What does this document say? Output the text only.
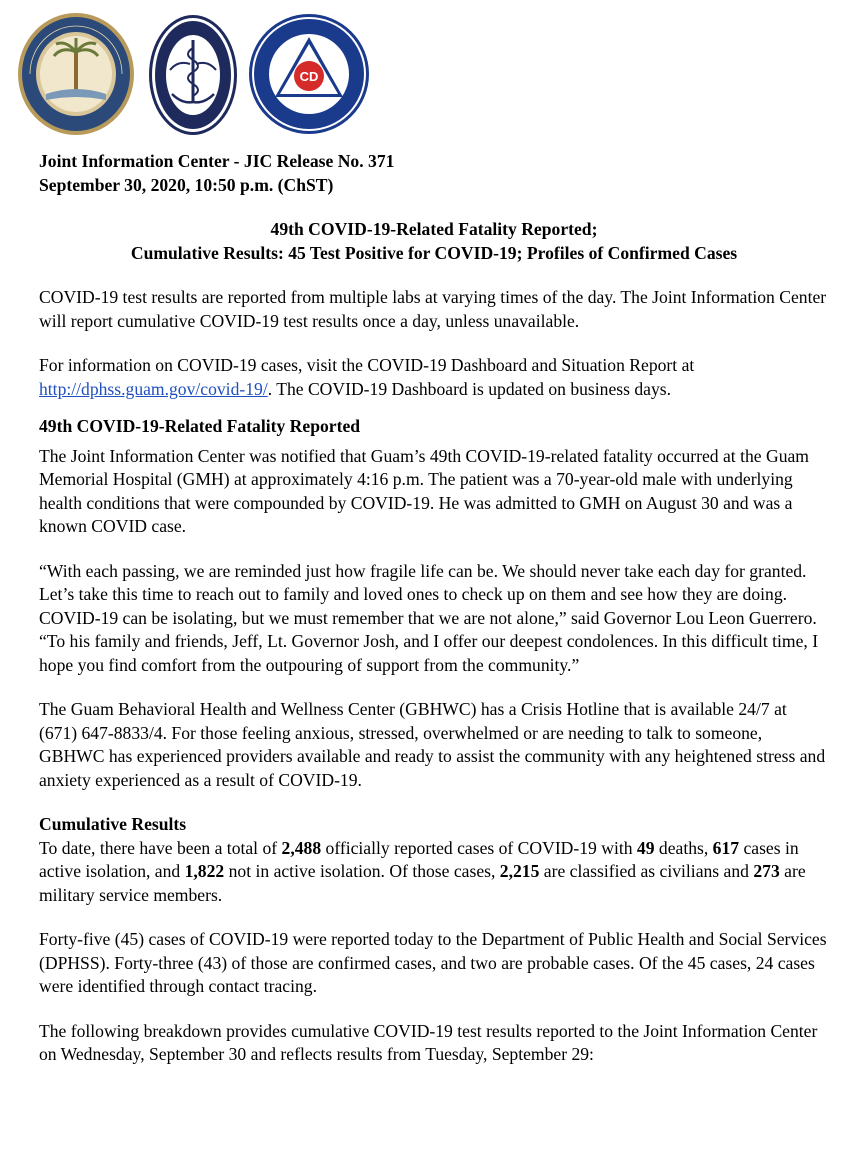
CD

Joint Information Center - JIC Release No. 371

September 30, 2020, 10:50 p.m. (ChST)

49th COVID-19-Related Fatality Reported;

Cumulative Results: 45 Test Positive for COVID-19; Profiles of Confirmed Cases

COVID-19 test results are reported from multiple labs at varying times of the day. The Joint Information Center will report cumulative COVID-19 test results once a day, unless unavailable.

For information on COVID-19 cases, visit the COVID-19 Dashboard and Situation Report at http://dphss.guam.gov/covid-19/. The COVID-19 Dashboard is updated on business days.

49th COVID-19-Related Fatality Reported

The Joint Information Center was notified that Guam’s 49th COVID-19-related fatality occurred at the Guam Memorial Hospital (GMH) at approximately 4:16 p.m. The patient was a 70-year-old male with underlying health conditions that were compounded by COVID-19. He was admitted to GMH on August 30 and was a known COVID case.

“With each passing, we are reminded just how fragile life can be. We should never take each day for granted. Let’s take this time to reach out to family and loved ones to check up on them and see how they are doing. COVID-19 can be isolating, but we must remember that we are not alone,” said Governor Lou Leon Guerrero. “To his family and friends, Jeff, Lt. Governor Josh, and I offer our deepest condolences. In this difficult time, I hope you find comfort from the outpouring of support from the community.”

The Guam Behavioral Health and Wellness Center (GBHWC) has a Crisis Hotline that is available 24/7 at (671) 647-8833/4. For those feeling anxious, stressed, overwhelmed or are needing to talk to someone, GBHWC has experienced providers available and ready to assist the community with any heightened stress and anxiety experienced as a result of COVID-19.

Cumulative Results

To date, there have been a total of 2,488 officially reported cases of COVID-19 with 49 deaths, 617 cases in active isolation, and 1,822 not in active isolation. Of those cases, 2,215 are classified as civilians and 273 are military service members.

Forty-five (45) cases of COVID-19 were reported today to the Department of Public Health and Social Services (DPHSS). Forty-three (43) of those are confirmed cases, and two are probable cases. Of the 45 cases, 24 cases were identified through contact tracing.

The following breakdown provides cumulative COVID-19 test results reported to the Joint Information Center on Wednesday, September 30 and reflects results from Tuesday, September 29:
